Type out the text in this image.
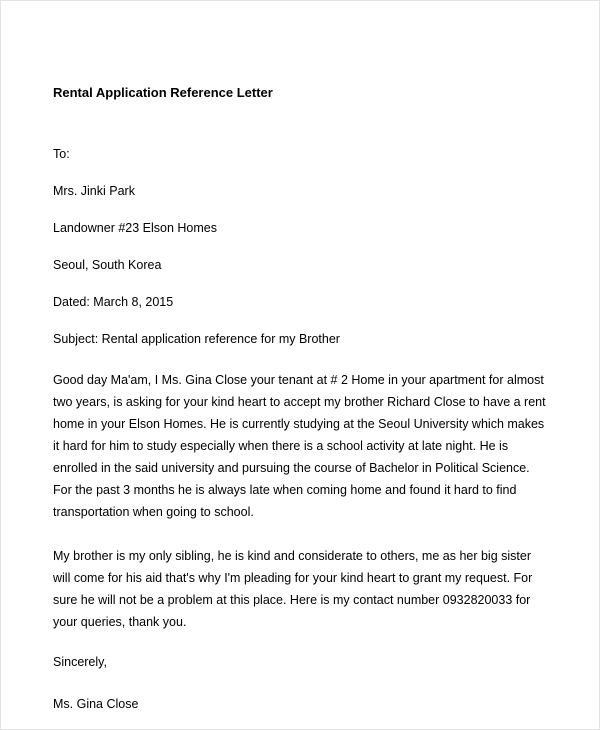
Rental Application Reference Letter

To:

Mrs. Jinki Park

Landowner #23 Elson Homes

Seoul, South Korea

Dated: March 8, 2015

Subject: Rental application reference for my Brother

Good day Ma'am, I Ms. Gina Close your tenant at # 2 Home in your apartment for almost two years, is asking for your kind heart to accept my brother Richard Close to have a rent home in your Elson Homes. He is currently studying at the Seoul University which makes it hard for him to study especially when there is a school activity at late night. He is enrolled in the said university and pursuing the course of Bachelor in Political Science. For the past 3 months he is always late when coming home and found it hard to find transportation when going to school.

My brother is my only sibling, he is kind and considerate to others, me as her big sister will come for his aid that's why I'm pleading for your kind heart to grant my request. For sure he will not be a problem at this place. Here is my contact number 0932820033 for your queries, thank you.

Sincerely,

Ms. Gina Close
